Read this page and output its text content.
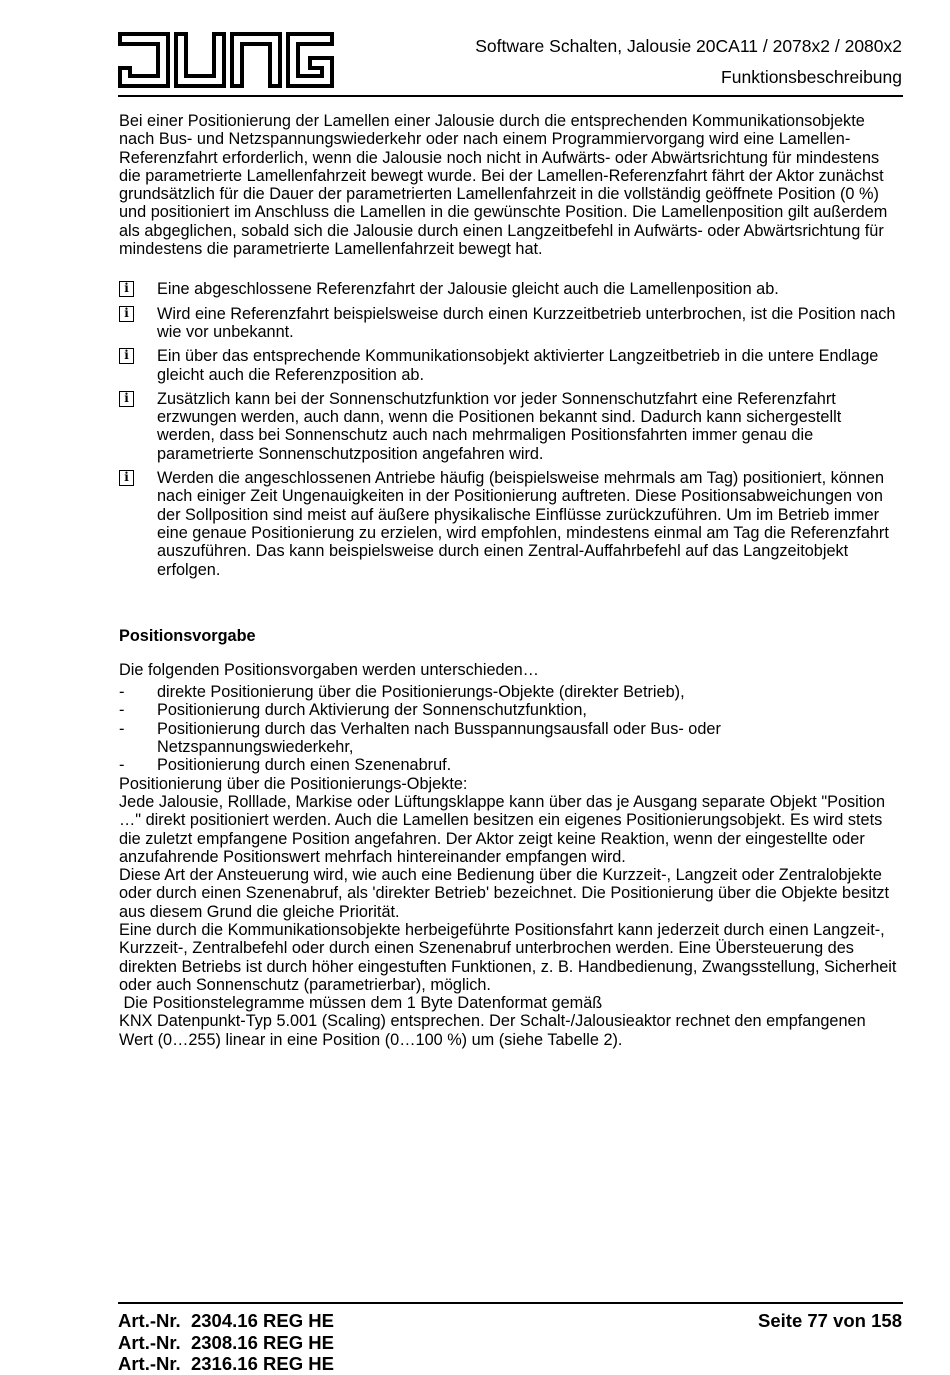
Software Schalten, Jalousie 20CA11 / 2078x2 / 2080x2
Funktionsbeschreibung

Bei einer Positionierung der Lamellen einer Jalousie durch die entsprechenden Kommunikationsobjekte nach Bus- und Netzspannungswiederkehr oder nach einem Programmiervorgang wird eine Lamellen-Referenzfahrt erforderlich, wenn die Jalousie noch nicht in Aufwärts- oder Abwärtsrichtung für mindestens die parametrierte Lamellenfahrzeit bewegt wurde. Bei der Lamellen-Referenzfahrt fährt der Aktor zunächst grundsätzlich für die Dauer der parametrierten Lamellenfahrzeit in die vollständig geöffnete Position (0 %) und positioniert im Anschluss die Lamellen in die gewünschte Position. Die Lamellenposition gilt außerdem als abgeglichen, sobald sich die Jalousie durch einen Langzeitbefehl in Aufwärts- oder Abwärtsrichtung für mindestens die parametrierte Lamellenfahrzeit bewegt hat.

i	Eine abgeschlossene Referenzfahrt der Jalousie gleicht auch die Lamellenposition ab.
i	Wird eine Referenzfahrt beispielsweise durch einen Kurzzeitbetrieb unterbrochen, ist die Position nach wie vor unbekannt.
i	Ein über das entsprechende Kommunikationsobjekt aktivierter Langzeitbetrieb in die untere Endlage gleicht auch die Referenzposition ab.
i	Zusätzlich kann bei der Sonnenschutzfunktion vor jeder Sonnenschutzfahrt eine Referenzfahrt erzwungen werden, auch dann, wenn die Positionen bekannt sind. Dadurch kann sichergestellt werden, dass bei Sonnenschutz auch nach mehrmaligen Positionsfahrten immer genau die parametrierte Sonnenschutzposition angefahren wird.
i	Werden die angeschlossenen Antriebe häufig (beispielsweise mehrmals am Tag) positioniert, können nach einiger Zeit Ungenauigkeiten in der Positionierung auftreten. Diese Positionsabweichungen von der Sollposition sind meist auf äußere physikalische Einflüsse zurückzuführen. Um im Betrieb immer eine genaue Positionierung zu erzielen, wird empfohlen, mindestens einmal am Tag die Referenzfahrt auszuführen. Das kann beispielsweise durch einen Zentral-Auffahrbefehl auf das Langzeitobjekt erfolgen.
Positionsvorgabe

Die folgenden Positionsvorgaben werden unterschieden…

- direkte Positionierung über die Positionierungs-Objekte (direkter Betrieb),
- Positionierung durch Aktivierung der Sonnenschutzfunktion,
- Positionierung durch das Verhalten nach Busspannungsausfall oder Bus- oder Netzspannungswiederkehr,
- Positionierung durch einen Szenenabruf.

Positionierung über die Positionierungs-Objekte:

Jede Jalousie, Rolllade, Markise oder Lüftungsklappe kann über das je Ausgang separate Objekt "Position …" direkt positioniert werden. Auch die Lamellen besitzen ein eigenes Positionierungsobjekt. Es wird stets die zuletzt empfangene Position angefahren. Der Aktor zeigt keine Reaktion, wenn der eingestellte oder anzufahrende Positionswert mehrfach hintereinander empfangen wird.

Diese Art der Ansteuerung wird, wie auch eine Bedienung über die Kurzzeit-, Langzeit oder Zentralobjekte oder durch einen Szenenabruf, als 'direkter Betrieb' bezeichnet. Die Positionierung über die Objekte besitzt aus diesem Grund die gleiche Priorität.

Eine durch die Kommunikationsobjekte herbeigeführte Positionsfahrt kann jederzeit durch einen Langzeit-, Kurzzeit-, Zentralbefehl oder durch einen Szenenabruf unterbrochen werden. Eine Übersteuerung des direkten Betriebs ist durch höher eingestuften Funktionen, z. B. Handbedienung, Zwangsstellung, Sicherheit oder auch Sonnenschutz (parametrierbar), möglich.

Die Positionstelegramme müssen dem 1 Byte Datenformat gemäß

KNX Datenpunkt-Typ 5.001 (Scaling) entsprechen. Der Schalt-/Jalousieaktor rechnet den empfangenen Wert (0…255) linear in eine Position (0…100 %) um (siehe Tabelle 2).

Art.-Nr.  2304.16 REG HE
Art.-Nr.  2308.16 REG HE
Art.-Nr.  2316.16 REG HE
Seite 77 von 158
